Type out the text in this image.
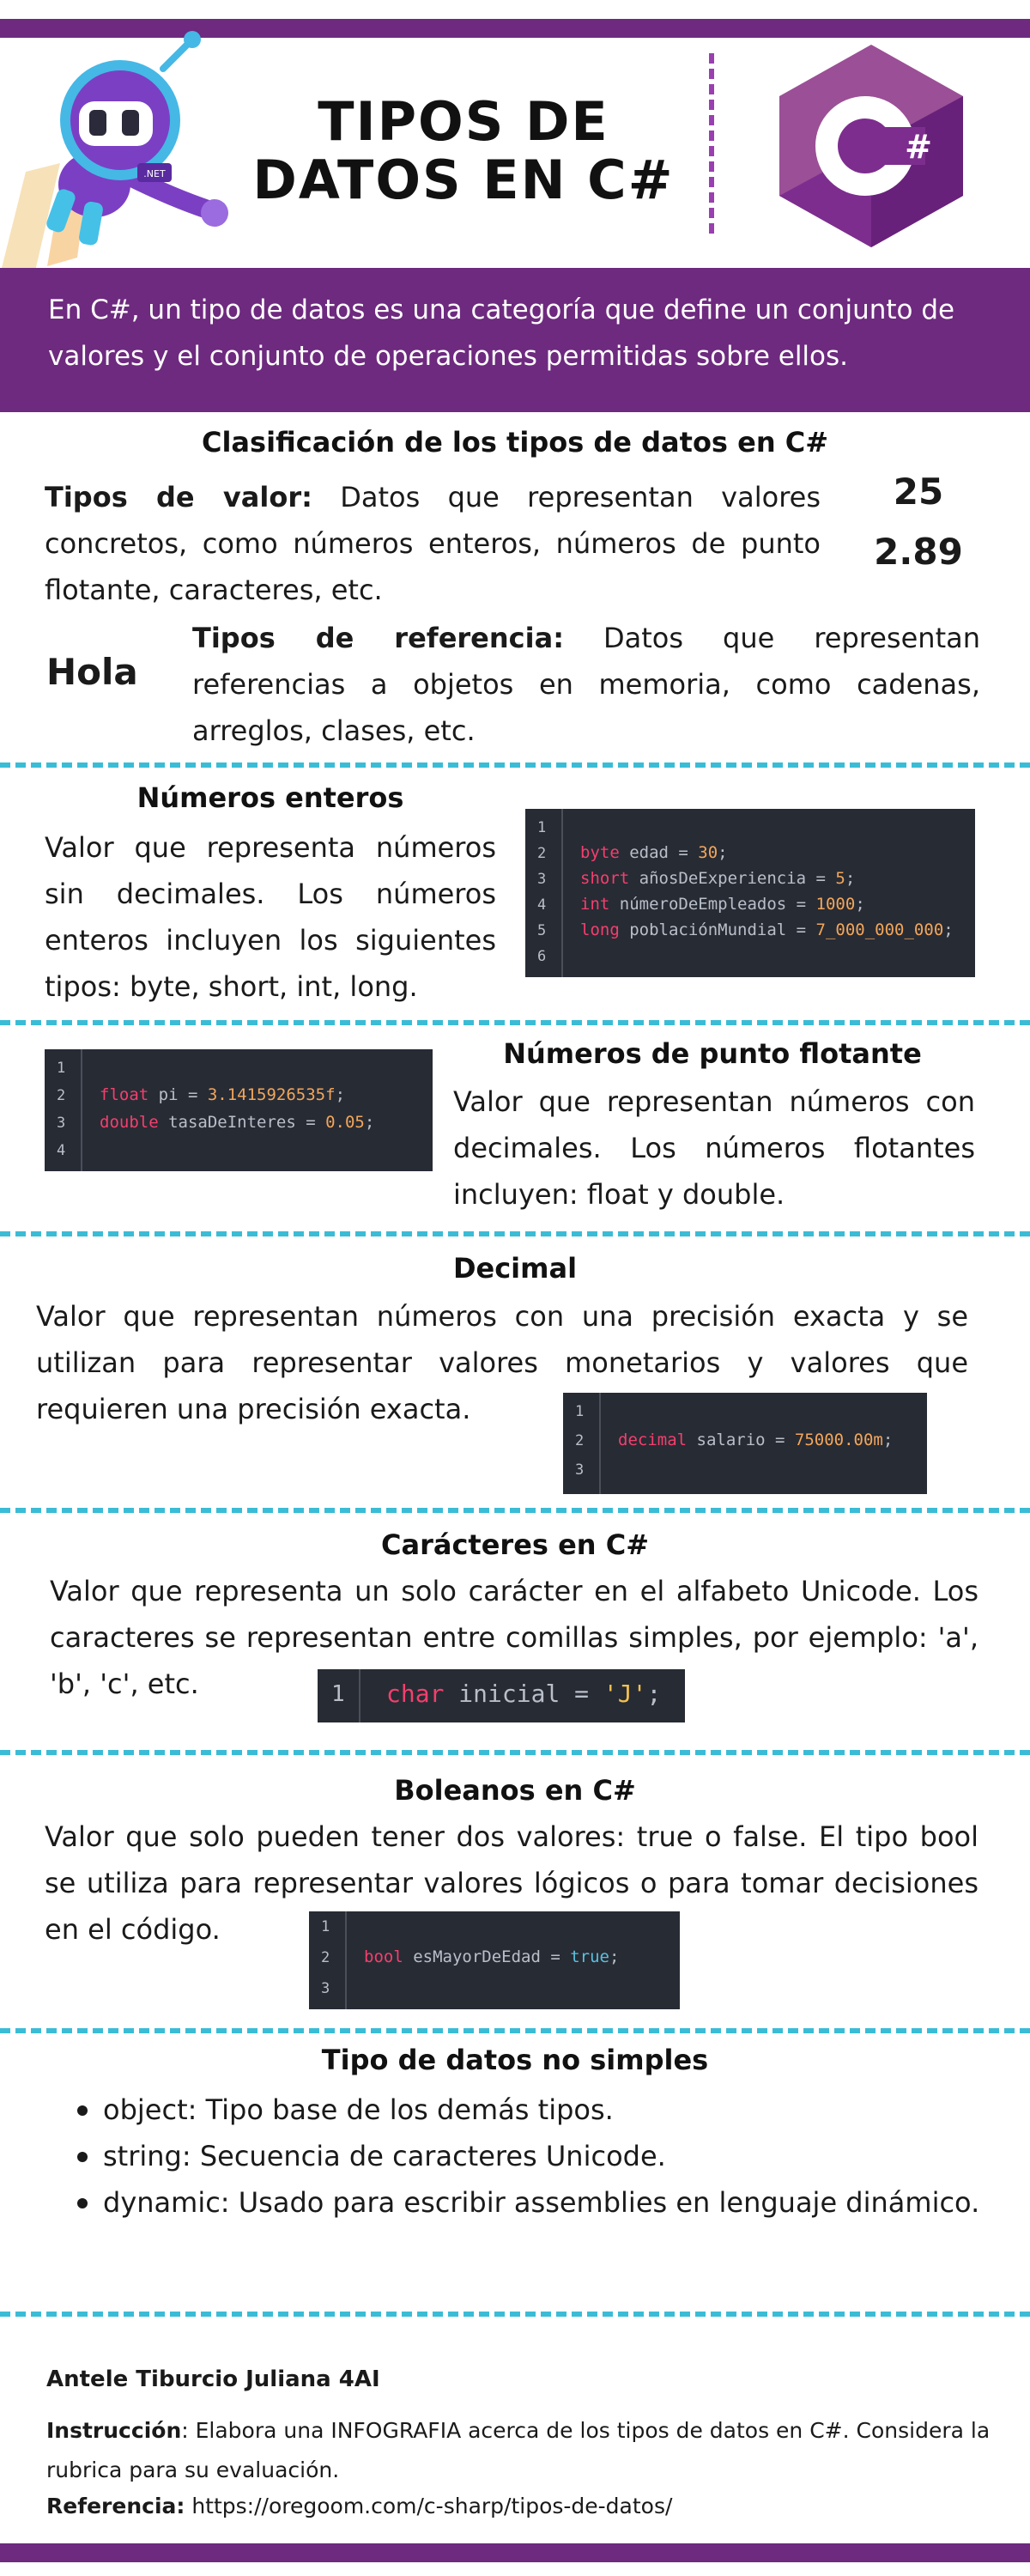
.NET
TIPOS DE
DATOS EN C#
#
En C#, un tipo de datos es una categoría que define un conjunto de valores y el conjunto de operaciones permitidas sobre ellos.
Clasificación de los tipos de datos en C#
Tipos de valor: Datos que representan valores concretos, como números enteros, números de punto flotante, caracteres, etc.
25
2.89
Hola
Tipos de referencia: Datos que representan referencias a objetos en memoria, como cadenas, arreglos, clases, etc.
Números enteros
Valor que representa números sin decimales. Los números enteros incluyen los siguientes tipos: byte, short, int, long.
1
2
3
4
5
6
byte edad = 30;
short añosDeExperiencia = 5;
int númeroDeEmpleados = 1000;
long poblaciónMundial = 7_000_000_000;
1
2
3
4
float pi = 3.1415926535f;
double tasaDeInteres = 0.05;
Números de punto flotante
Valor que representan números con decimales. Los números flotantes incluyen: float y double.
Decimal
Valor que representan números con una precisión exacta y se utilizan para representar valores monetarios y valores que requieren una precisión exacta.	1
2
3
decimal salario = 75000.00m;
Carácteres en C#
Valor que representa un solo carácter en el alfabeto Unicode. Los caracteres se representan entre comillas simples, por ejemplo: 'a', 'b', 'c', etc.	1 char inicial = 'J';
Boleanos en C#
Valor que solo pueden tener dos valores: true o false. El tipo bool se utiliza para representar valores lógicos o para tomar decisiones en el código.	1
2
3
bool esMayorDeEdad = true;
Tipo de datos no simples
object: Tipo base de los demás tipos.
string: Secuencia de caracteres Unicode.
dynamic: Usado para escribir assemblies en lenguaje dinámico.
Antele Tiburcio Juliana 4AI
Instrucción: Elabora una INFOGRAFIA acerca de los tipos de datos en C#. Considera la rubrica para su evaluación.
Referencia: https://oregoom.com/c-sharp/tipos-de-datos/
